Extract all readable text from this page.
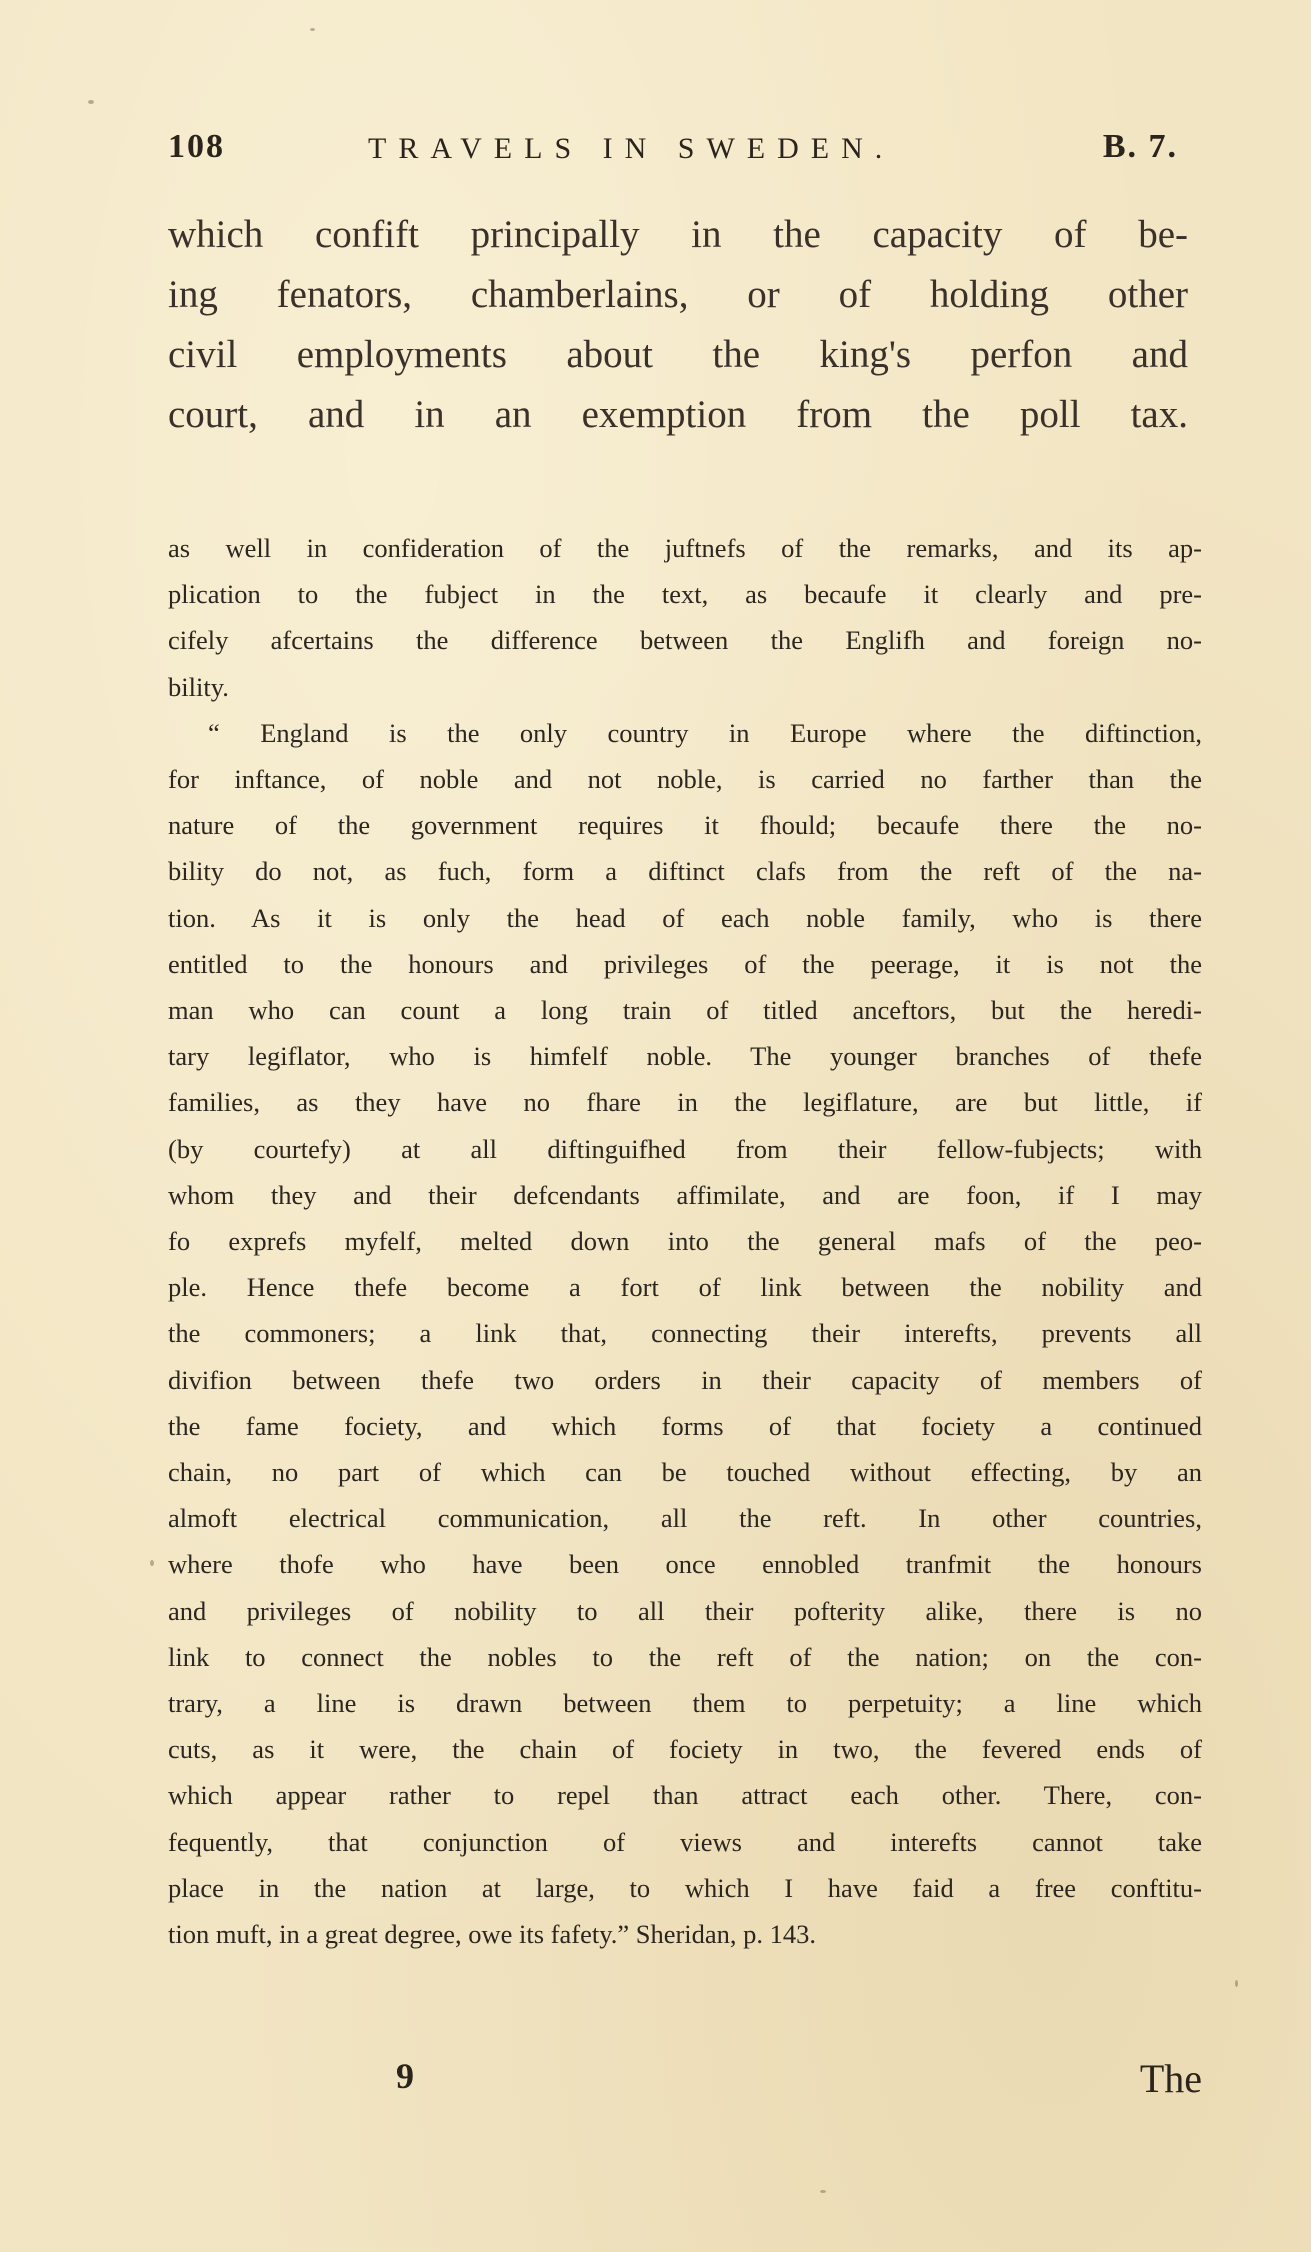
108	TRAVELS IN SWEDEN.	B. 7.
which confift principally in the capacity of be-
ing fenators, chamberlains, or of holding other
civil employments about the king's perfon and
court, and in an exemption from the poll tax.
as well in confideration of the juftnefs of the remarks, and its ap-
plication to the fubject in the text, as becaufe it clearly and pre-
cifely afcertains the difference between the Englifh and foreign no-
bility.
“ England is the only country in Europe where the diftinction,
for inftance, of noble and not noble, is carried no farther than the
nature of the government requires it fhould; becaufe there the no-
bility do not, as fuch, form a diftinct clafs from the reft of the na-
tion. As it is only the head of each noble family, who is there
entitled to the honours and privileges of the peerage, it is not the
man who can count a long train of titled anceftors, but the heredi-
tary legiflator, who is himfelf noble. The younger branches of thefe
families, as they have no fhare in the legiflature, are but little, if
(by courtefy) at all diftinguifhed from their fellow-fubjects; with
whom they and their defcendants affimilate, and are foon, if I may
fo exprefs myfelf, melted down into the general mafs of the peo-
ple. Hence thefe become a fort of link between the nobility and
the commoners; a link that, connecting their interefts, prevents all
divifion between thefe two orders in their capacity of members of
the fame fociety, and which forms of that fociety a continued
chain, no part of which can be touched without effecting, by an
almoft electrical communication, all the reft. In other countries,
where thofe who have been once ennobled tranfmit the honours
and privileges of nobility to all their pofterity alike, there is no
link to connect the nobles to the reft of the nation; on the con-
trary, a line is drawn between them to perpetuity; a line which
cuts, as it were, the chain of fociety in two, the fevered ends of
which appear rather to repel than attract each other. There, con-
fequently, that conjunction of views and interefts cannot take
place in the nation at large, to which I have faid a free conftitu-
tion muft, in a great degree, owe its fafety.” Sheridan, p. 143.
9	The
